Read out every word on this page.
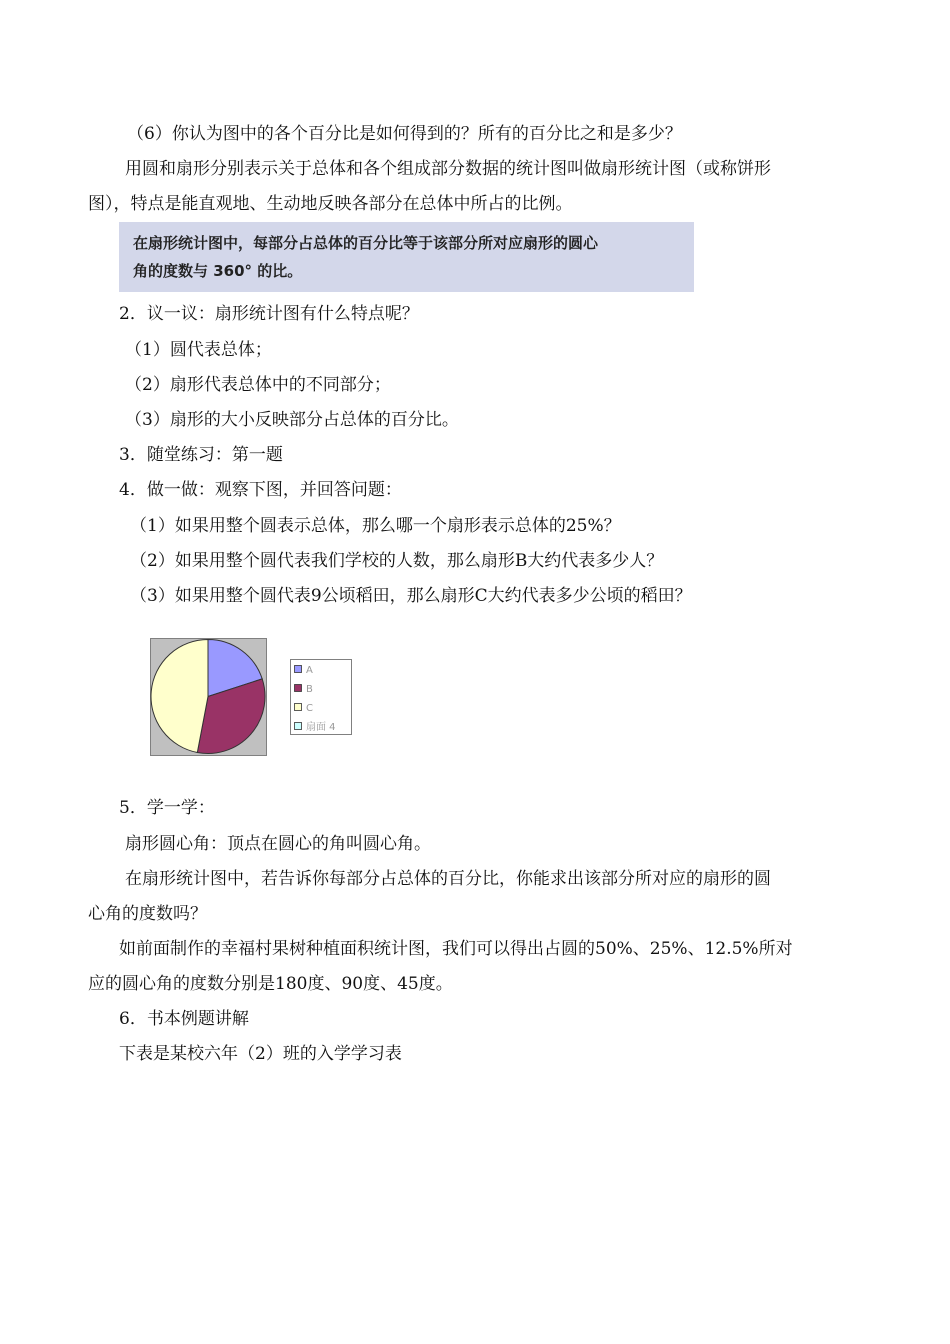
（6）你认为图中的各个百分比是如何得到的？所有的百分比之和是多少？
用圆和扇形分别表示关于总体和各个组成部分数据的统计图叫做扇形统计图（或称饼形
图），特点是能直观地、生动地反映各部分在总体中所占的比例。
在扇形统计图中，每部分占总体的百分比等于该部分所对应扇形的圆心
角的度数与 360° 的比。
2．议一议：扇形统计图有什么特点呢？
（1）圆代表总体；
（2）扇形代表总体中的不同部分；
（3）扇形的大小反映部分占总体的百分比。
3．随堂练习：第一题
4．做一做：观察下图，并回答问题：
（1）如果用整个圆表示总体，那么哪一个扇形表示总体的25%？
（2）如果用整个圆代表我们学校的人数，那么扇形B大约代表多少人？
（3）如果用整个圆代表9公顷稻田，那么扇形C大约代表多少公顷的稻田？
A
B
C
扇面 4
5．学一学：
扇形圆心角：顶点在圆心的角叫圆心角。
在扇形统计图中，若告诉你每部分占总体的百分比，你能求出该部分所对应的扇形的圆
心角的度数吗？
如前面制作的幸福村果树种植面积统计图，我们可以得出占圆的50%、25%、12.5%所对
应的圆心角的度数分别是180度、90度、45度。
6．书本例题讲解
下表是某校六年（2）班的入学学习表
